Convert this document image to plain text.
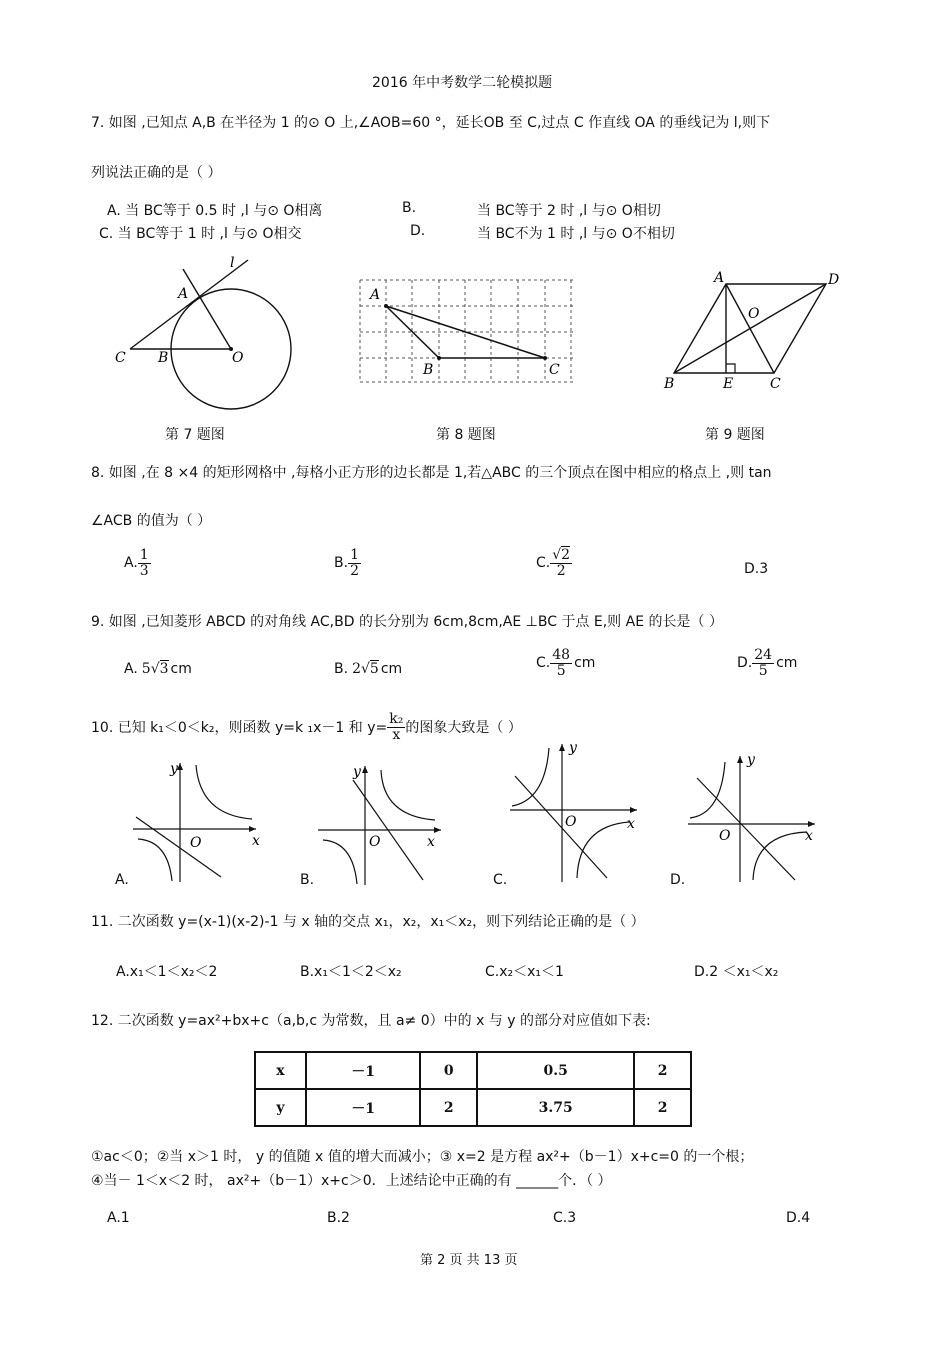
2016 年中考数学二轮模拟题
7. 如图 ,已知点 A,B 在半径为 1 的⊙ O 上,∠AOB=60 °，延长OB 至 C,过点 C 作直线 OA 的垂线记为 l,则下
列说法正确的是（ ）
A. 当 BC等于 0.5 时 ,l 与⊙ O相离	B.	当 BC等于 2 时 ,l 与⊙ O相切
C. 当 BC等于 1 时 ,l 与⊙ O相交	D.	当 BC不为 1 时 ,l 与⊙ O不相切
A
B
C	O
l
A
B	C
A
B	C
D
E
O
第 7 题图	第 8 题图	第 9 题图
8. 如图 ,在 8 ×4 的矩形网格中 ,每格小正方形的边长都是 1,若△ABC 的三个顶点在图中相应的格点上 ,则 tan
∠ACB 的值为（ ）
A. $\frac{1}{3}$	B. $\frac{1}{2}$	C. $\frac{√2}{2}$	D.3
9. 如图 ,已知菱形 ABCD 的对角线 AC,BD 的长分别为 6cm,8cm,AE ⊥BC 于点 E,则 AE 的长是（ ）
A. 5√3 cm	B. 2√5 cm	C. $\frac{48}{5}$ cm	D. $\frac{24}{5}$ cm
10. 已知 k₁＜0＜k₂，则函数 y=k ₁x－1 和 $y= \frac{\text{k₂}}{x}$ 的图象大致是（ ）
y
x
O
A.
y
x
O
B.
y
x
O
C.
y
x
O
D.
11. 二次函数 y=(x-1)(x-2)-1 与 x 轴的交点 x₁，x₂，x₁＜x₂，则下列结论正确的是（ ）
A.x₁＜1＜x₂＜2	B.x₁＜1＜2＜x₂	C.x₂＜x₁＜1	D.2 ＜x₁＜x₂
12. 二次函数 y=ax²+bx+c（a,b,c 为常数，且 a≠ 0）中的 x 与 y 的部分对应值如下表:
x	－1	0	0.5	2
y	－1	2	3.75	2
①ac＜0；②当 x＞1 时， y 的值随 x 值的增大而减小；③ x=2 是方程 ax²+（b－1）x+c=0 的一个根；
④当－ 1＜x＜2 时， ax²+（b－1）x+c＞0．上述结论中正确的有 ______个．（ ）
A.1	B.2	C.3	D.4
第 2 页 共 13 页
